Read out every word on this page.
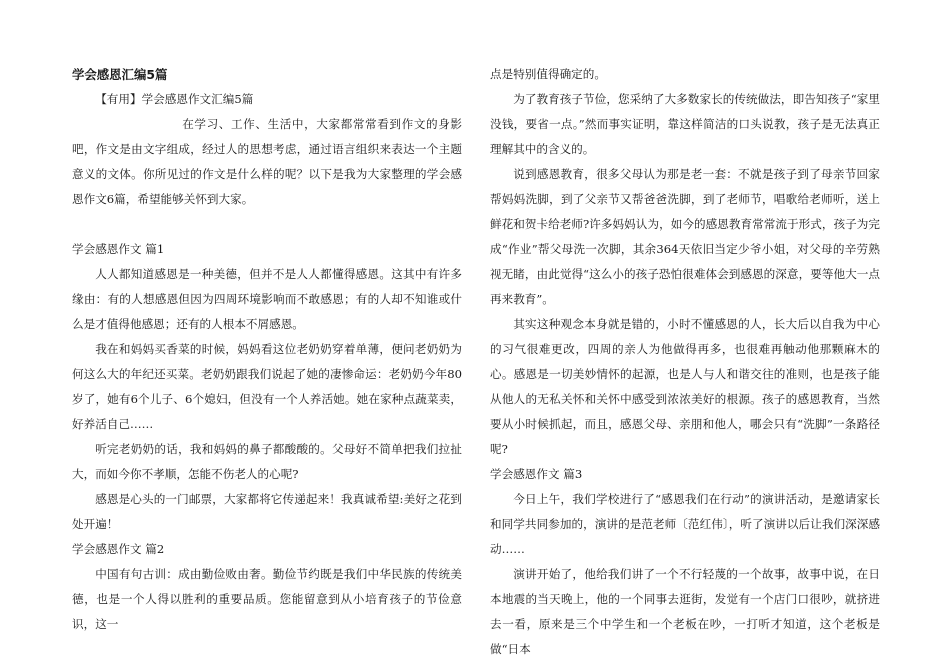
学会感恩汇编5篇

【有用】学会感恩作文汇编5篇

在学习、工作、生活中，大家都常常看到作文的身影吧，作文是由文字组成，经过人的思想考虑，通过语言组织来表达一个主题意义的文体。你所见过的作文是什么样的呢？以下是我为大家整理的学会感恩作文6篇，希望能够关怀到大家。

学会感恩作文 篇1

人人都知道感恩是一种美德，但并不是人人都懂得感恩。这其中有许多缘由：有的人想感恩但因为四周环境影响而不敢感恩；有的人却不知谁或什么是才值得他感恩；还有的人根本不屑感恩。

我在和妈妈买香菜的时候，妈妈看这位老奶奶穿着单薄，便问老奶奶为何这么大的年纪还买菜。老奶奶跟我们说起了她的凄惨命运：老奶奶今年80岁了，她有6个儿子、6个媳妇，但没有一个人养活她。她在家种点蔬菜卖，好养活自己……

听完老奶奶的话，我和妈妈的鼻子都酸酸的。父母好不简单把我们拉扯大，而如今你不孝顺，怎能不伤老人的心呢?

感恩是心头的一门邮票，大家都将它传递起来！我真诚希望:美好之花到处开遍！

学会感恩作文 篇2

中国有句古训：成由勤俭败由奢。勤俭节约既是我们中华民族的传统美德，也是一个人得以胜利的重要品质。您能留意到从小培育孩子的节俭意识，这一

点是特别值得确定的。

为了教育孩子节俭，您采纳了大多数家长的传统做法，即告知孩子“家里没钱，要省一点。”然而事实证明，靠这样简洁的口头说教，孩子是无法真正理解其中的含义的。

说到感恩教育，很多父母认为那是老一套：不就是孩子到了母亲节回家帮妈妈洗脚，到了父亲节又帮爸爸洗脚，到了老师节，唱歌给老师听，送上鲜花和贺卡给老师?许多妈妈认为，如今的感恩教育常常流于形式，孩子为完成“作业”帮父母洗一次脚，其余364天依旧当定少爷小姐，对父母的辛劳熟视无睹，由此觉得“这么小的孩子恐怕很难体会到感恩的深意，要等他大一点再来教育”。

其实这种观念本身就是错的，小时不懂感恩的人，长大后以自我为中心的习气很难更改，四周的亲人为他做得再多，也很难再触动他那颗麻木的心。感恩是一切美妙情怀的起源，也是人与人和谐交往的准则，也是孩子能从他人的无私关怀和关怀中感受到浓浓美好的根源。孩子的感恩教育，当然要从小时候抓起，而且，感恩父母、亲朋和他人，哪会只有“洗脚”一条路径呢?

学会感恩作文 篇3

今日上午，我们学校进行了“感恩我们在行动”的演讲活动，是邀请家长和同学共同参加的，演讲的是范老师〔范红伟〕，听了演讲以后让我们深深感动……

演讲开始了，他给我们讲了一个不行轻蔑的一个故事，故事中说，在日本地震的当天晚上，他的一个同事去逛街，发觉有一个店门口很吵，就挤进去一看，原来是三个中学生和一个老板在吵，一打听才知道，这个老板是做“日本
